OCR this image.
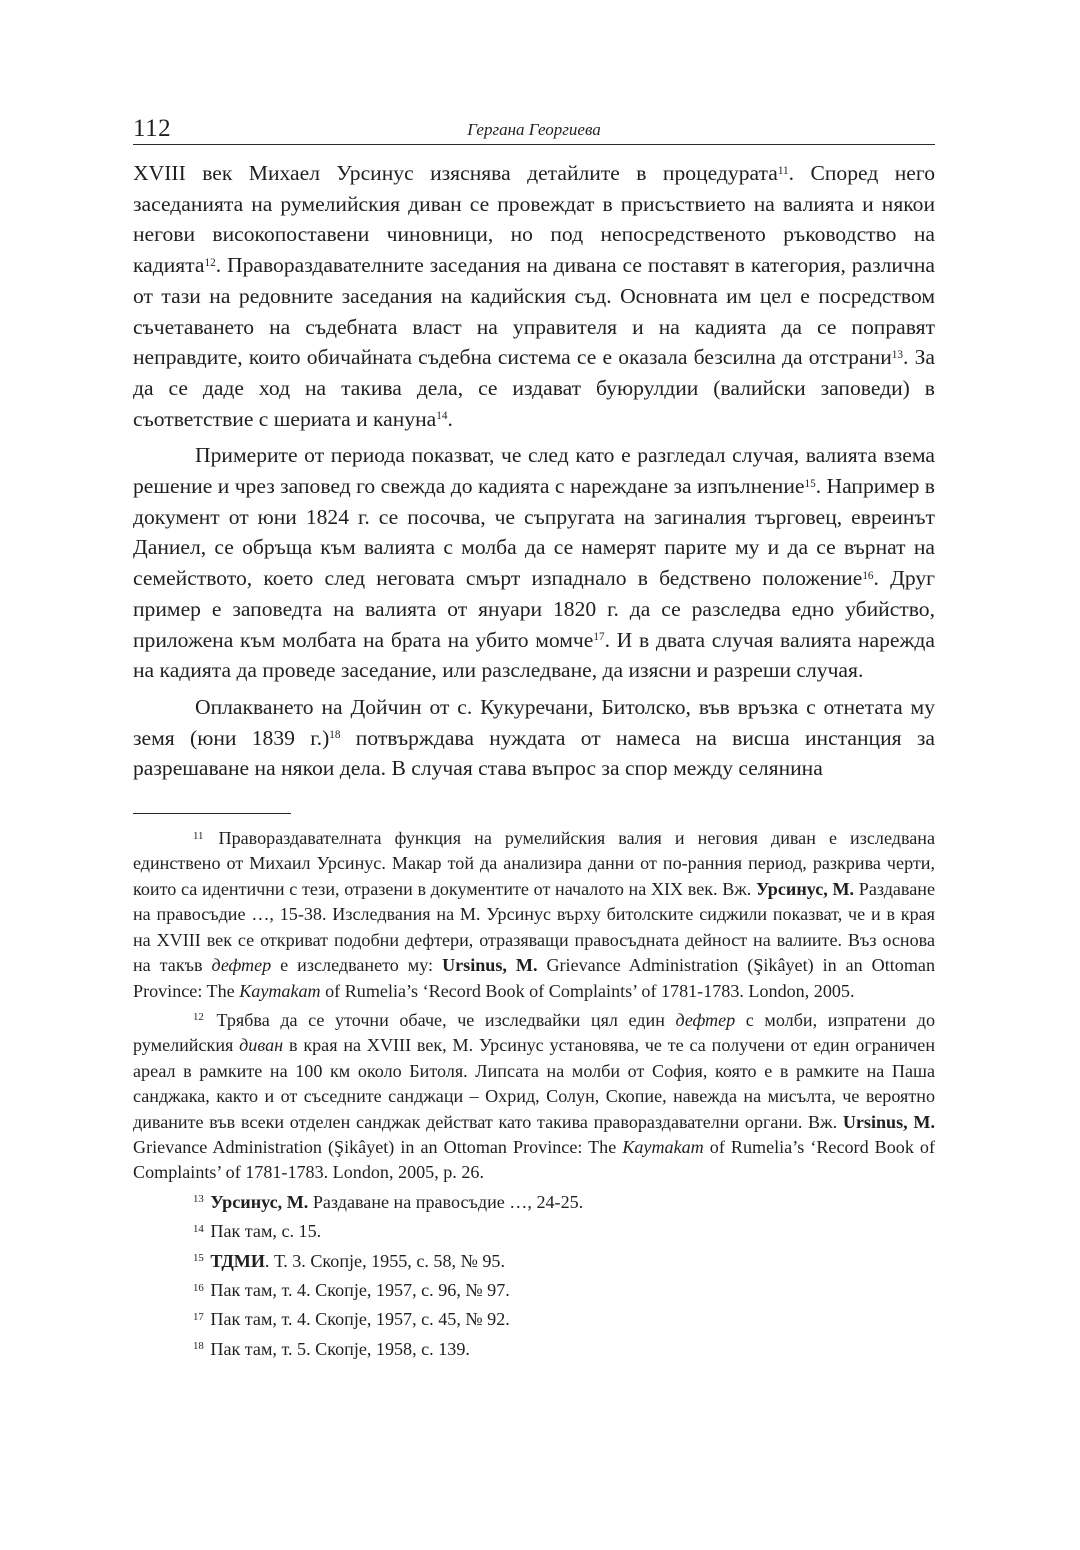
112	Гергана Георгиева

XVIII век Михаел Урсинус изяснява детайлите в процедурата$^{11}$. Според него заседанията на румелийския диван се провеждат в присъствието на валията и някои негови високопоставени чиновници, но под непосредственото ръководство на кадията$^{12}$. Правораздавателните заседания на дивана се поставят в категория, различна от тази на редовните заседания на кадийския съд. Основната им цел е посредством съчетаването на съдебната власт на управителя и на кадията да се поправят неправдите, които обичайната съдебна система се е оказала безсилна да отстрани$^{13}$. За да се даде ход на такива дела, се издават буюрулдии (валийски заповеди) в съответствие с шериата и кануна$^{14}$.

Примерите от периода показват, че след като е разгледал случая, валията взема решение и чрез заповед го свежда до кадията с нареждане за изпълнение$^{15}$. Например в документ от юни 1824 г. се посочва, че съпругата на загиналия търговец, евреинът Даниел, се обръща към валията с молба да се намерят парите му и да се върнат на семейството, което след неговата смърт изпаднало в бедствено положение$^{16}$. Друг пример е заповедта на валията от януари 1820 г. да се разследва едно убийство, приложена към молбата на брата на убито момче$^{17}$. И в двата случая валията нарежда на кадията да проведе заседание, или разследване, да изясни и разреши случая.

Оплакването на Дойчин от с. Кукуречани, Битолско, във връзка с отнетата му земя (юни 1839 г.)$^{18}$ потвърждава нуждата от намеса на висша инстанция за разрешаване на някои дела. В случая става въпрос за спор между селянина

$^{11}$ Правораздавателната функция на румелийския валия и неговия диван е изследвана единствено от Михаил Урсинус. Макар той да анализира данни от по-ранния период, разкрива черти, които са идентични с тези, отразени в документите от началото на XIX век. Вж. Урсинус, М. Раздаване на правосъдие …, 15-38. Изследвания на М. Урсинус върху битолските сиджили показват, че и в края на XVIII век се откриват подобни дефтери, отразяващи правосъдната дейност на валиите. Въз основа на такъв дефтер е изследването му: Ursinus, M. Grievance Administration (Şikâyet) in an Ottoman Province: The Kaymakam of Rumelia’s ‘Record Book of Complaints’ of 1781-1783. London, 2005.

$^{12}$ Трябва да се уточни обаче, че изследвайки цял един дефтер с молби, изпратени до румелийския диван в края на XVIII век, М. Урсинус установява, че те са получени от един ограничен ареал в рамките на 100 км около Битоля. Липсата на молби от София, която е в рамките на Паша санджака, както и от съседните санджаци – Охрид, Солун, Скопие, навежда на мисълта, че вероятно диваните във всеки отделен санджак действат като такива правораздавателни органи. Вж. Ursinus, M. Grievance Administration (Şikâyet) in an Ottoman Province: The Kaymakam of Rumelia’s ‘Record Book of Complaints’ of 1781-1783. London, 2005, p. 26.

$^{13}$ Урсинус, М. Раздаване на правосъдие …, 24-25.

$^{14}$ Пак там, с. 15.

$^{15}$ ТДМИ. Т. 3. Скопје, 1955, с. 58, № 95.

$^{16}$ Пак там, т. 4. Скопје, 1957, с. 96, № 97.

$^{17}$ Пак там, т. 4. Скопје, 1957, с. 45, № 92.

$^{18}$ Пак там, т. 5. Скопје, 1958, с. 139.
